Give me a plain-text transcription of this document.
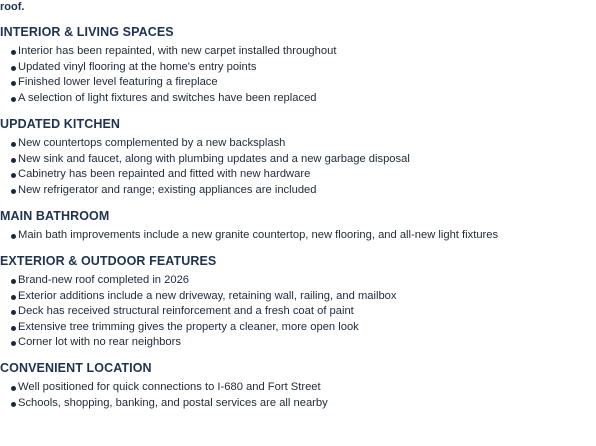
roof.
INTERIOR & LIVING SPACES
Interior has been repainted, with new carpet installed throughout
Updated vinyl flooring at the home's entry points
Finished lower level featuring a fireplace
A selection of light fixtures and switches have been replaced
UPDATED KITCHEN
New countertops complemented by a new backsplash
New sink and faucet, along with plumbing updates and a new garbage disposal
Cabinetry has been repainted and fitted with new hardware
New refrigerator and range; existing appliances are included
MAIN BATHROOM
Main bath improvements include a new granite countertop, new flooring, and all-new light fixtures
EXTERIOR & OUTDOOR FEATURES
Brand-new roof completed in 2026
Exterior additions include a new driveway, retaining wall, railing, and mailbox
Deck has received structural reinforcement and a fresh coat of paint
Extensive tree trimming gives the property a cleaner, more open look
Corner lot with no rear neighbors
CONVENIENT LOCATION
Well positioned for quick connections to I-680 and Fort Street
Schools, shopping, banking, and postal services are all nearby
